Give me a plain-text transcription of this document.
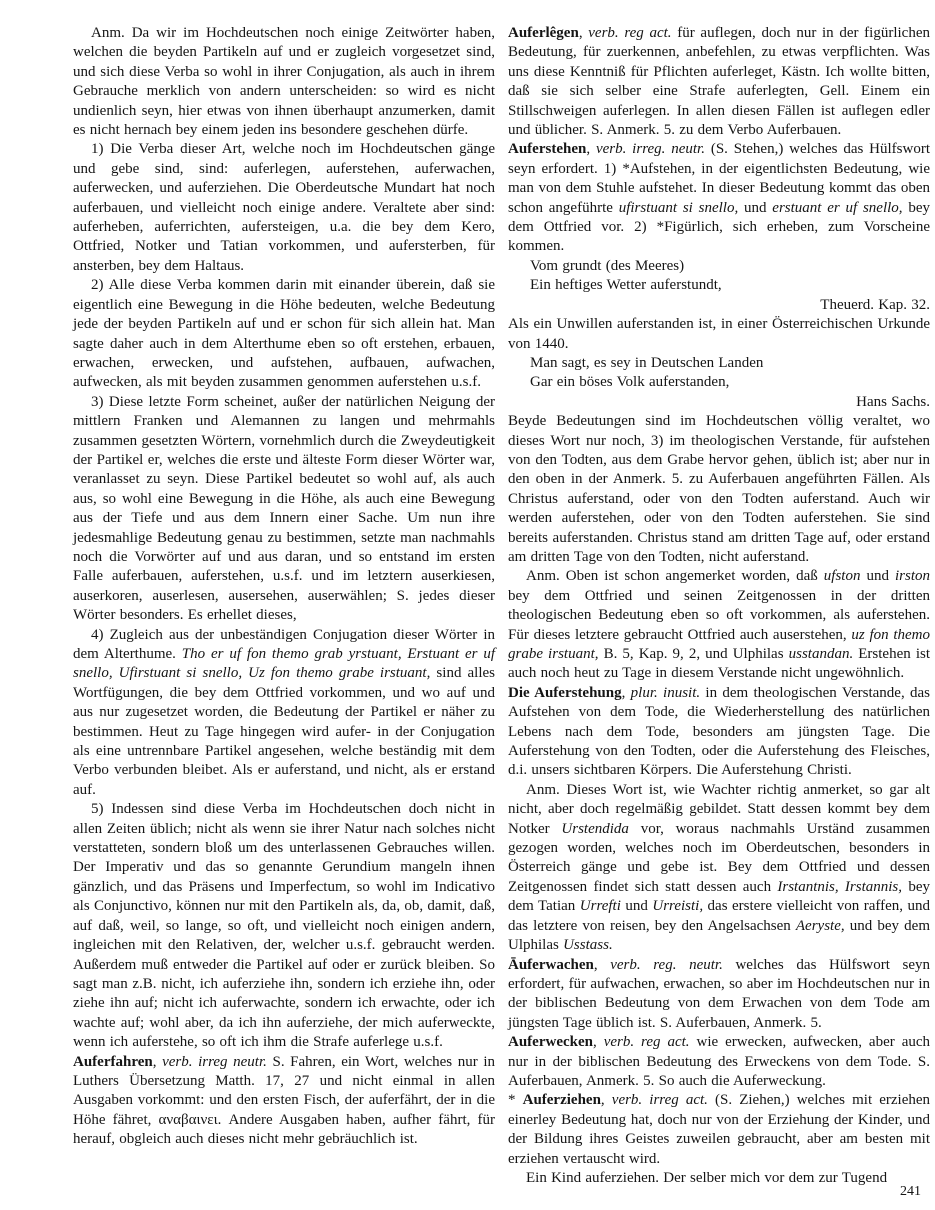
Anm. Da wir im Hochdeutschen noch einige Zeitwörter haben, welchen die beyden Partikeln auf und er zugleich vorgesetzet sind, und sich diese Verba so wohl in ihrer Conjugation, als auch in ihrem Gebrauche merklich von andern unterscheiden: so wird es nicht undienlich seyn, hier etwas von ihnen überhaupt anzumerken, damit es nicht hernach bey einem jeden ins besondere geschehen dürfe.

1) Die Verba dieser Art, welche noch im Hochdeutschen gänge und gebe sind, sind: auferlegen, auferstehen, auferwachen, auferwecken, und auferziehen. Die Oberdeutsche Mundart hat noch auferbauen, und vielleicht noch einige andere. Veraltete aber sind: auferheben, auferrichten, aufersteigen, u.a. die bey dem Kero, Ottfried, Notker und Tatian vorkommen, und aufersterben, für ansterben, bey dem Haltaus.

2) Alle diese Verba kommen darin mit einander überein, daß sie eigentlich eine Bewegung in die Höhe bedeuten, welche Bedeutung jede der beyden Partikeln auf und er schon für sich allein hat. Man sagte daher auch in dem Alterthume eben so oft erstehen, erbauen, erwachen, erwecken, und aufstehen, aufbauen, aufwachen, aufwecken, als mit beyden zusammen genommen auferstehen u.s.f.

3) Diese letzte Form scheinet, außer der natürlichen Neigung der mittlern Franken und Alemannen zu langen und mehrmahls zusammen gesetzten Wörtern, vornehmlich durch die Zweydeutigkeit der Partikel er, welches die erste und älteste Form dieser Wörter war, veranlasset zu seyn. Diese Partikel bedeutet so wohl auf, als auch aus, so wohl eine Bewegung in die Höhe, als auch eine Bewegung aus der Tiefe und aus dem Innern einer Sache. Um nun ihre jedesmahlige Bedeutung genau zu bestimmen, setzte man nachmahls noch die Vorwörter auf und aus daran, und so entstand im ersten Falle auferbauen, auferstehen, u.s.f. und im letztern auserkiesen, auserkoren, auserlesen, ausersehen, auserwählen; S. jedes dieser Wörter besonders. Es erhellet dieses,

4) Zugleich aus der unbeständigen Conjugation dieser Wörter in dem Alterthume. Tho er uf fon themo grab yrstuant, Erstuant er uf snello, Ufirstuant si snello, Uz fon themo grabe irstuant, sind alles Wortfügungen, die bey dem Ottfried vorkommen, und wo auf und aus nur zugesetzet worden, die Bedeutung der Partikel er näher zu bestimmen. Heut zu Tage hingegen wird aufer- in der Conjugation als eine untrennbare Partikel angesehen, welche beständig mit dem Verbo verbunden bleibet. Als er auferstand, und nicht, als er erstand auf.

5) Indessen sind diese Verba im Hochdeutschen doch nicht in allen Zeiten üblich; nicht als wenn sie ihrer Natur nach solches nicht verstatteten, sondern bloß um des unterlassenen Gebrauches willen. Der Imperativ und das so genannte Gerundium mangeln ihnen gänzlich, und das Präsens und Imperfectum, so wohl im Indicativo als Conjunctivo, können nur mit den Partikeln als, da, ob, damit, daß, auf daß, weil, so lange, so oft, und vielleicht noch einigen andern, ingleichen mit den Relativen, der, welcher u.s.f. gebraucht werden. Außerdem muß entweder die Partikel auf oder er zurück bleiben. So sagt man z.B. nicht, ich auferziehe ihn, sondern ich erziehe ihn, oder ziehe ihn auf; nicht ich auferwachte, sondern ich erwachte, oder ich wachte auf; wohl aber, da ich ihn auferziehe, der mich auferweckte, wenn ich auferstehe, so oft ich ihm die Strafe auferlege u.s.f.

Auferfahren, verb. irreg neutr. S. Fahren, ein Wort, welches nur in Luthers Übersetzung Matth. 17, 27 und nicht einmal in allen Ausgaben vorkommt: und den ersten Fisch, der auferfährt, der in die Höhe fähret, αναβαινει. Andere Ausgaben haben, aufher fährt, für herauf, obgleich auch dieses nicht mehr gebräuchlich ist.

Auferlêgen, verb. reg act. für auflegen, doch nur in der figürlichen Bedeutung, für zuerkennen, anbefehlen, zu etwas verpflichten. Was uns diese Kenntniß für Pflichten auferleget, Kästn. Ich wollte bitten, daß sie sich selber eine Strafe auferlegten, Gell. Einem ein Stillschweigen auferlegen. In allen diesen Fällen ist auflegen edler und üblicher. S. Anmerk. 5. zu dem Verbo Auferbauen.

Auferstehen, verb. irreg. neutr. (S. Stehen,) welches das Hülfswort seyn erfordert. 1) *Aufstehen, in der eigentlichsten Bedeutung, wie man von dem Stuhle aufstehet. In dieser Bedeutung kommt das oben schon angeführte ufirstuant si snello, und erstuant er uf snello, bey dem Ottfried vor. 2) *Figürlich, sich erheben, zum Vorscheine kommen.

Vom grundt (des Meeres)

Ein heftiges Wetter auferstundt,

Theuerd. Kap. 32.

Als ein Unwillen auferstanden ist, in einer Österreichischen Urkunde von 1440.

Man sagt, es sey in Deutschen Landen

Gar ein böses Volk auferstanden,

Hans Sachs.

Beyde Bedeutungen sind im Hochdeutschen völlig veraltet, wo dieses Wort nur noch, 3) im theologischen Verstande, für aufstehen von den Todten, aus dem Grabe hervor gehen, üblich ist; aber nur in den oben in der Anmerk. 5. zu Auferbauen angeführten Fällen. Als Christus auferstand, oder von den Todten auferstand. Auch wir werden auferstehen, oder von den Todten auferstehen. Sie sind bereits auferstanden. Christus stand am dritten Tage auf, oder erstand am dritten Tage von den Todten, nicht auferstand.

Anm. Oben ist schon angemerket worden, daß ufston und irston bey dem Ottfried und seinen Zeitgenossen in der dritten theologischen Bedeutung eben so oft vorkommen, als auferstehen. Für dieses letztere gebraucht Ottfried auch auserstehen, uz fon themo grabe irstuant, B. 5, Kap. 9, 2, und Ulphilas usstandan. Erstehen ist auch noch heut zu Tage in diesem Verstande nicht ungewöhnlich.

Die Auferstehung, plur. inusit. in dem theologischen Verstande, das Aufstehen von dem Tode, die Wiederherstellung des natürlichen Lebens nach dem Tode, besonders am jüngsten Tage. Die Auferstehung von den Todten, oder die Auferstehung des Fleisches, d.i. unsers sichtbaren Körpers. Die Auferstehung Christi.

Anm. Dieses Wort ist, wie Wachter richtig anmerket, so gar alt nicht, aber doch regelmäßig gebildet. Statt dessen kommt bey dem Notker Urstendida vor, woraus nachmahls Urständ zusammen gezogen worden, welches noch im Oberdeutschen, besonders in Österreich gänge und gebe ist. Bey dem Ottfried und dessen Zeitgenossen findet sich statt dessen auch Irstantnis, Irstannis, bey dem Tatian Urrefti und Urreisti, das erstere vielleicht von raffen, und das letztere von reisen, bey den Angelsachsen Aeryste, und bey dem Ulphilas Usstass.

Āuferwachen, verb. reg. neutr. welches das Hülfswort seyn erfordert, für aufwachen, erwachen, so aber im Hochdeutschen nur in der biblischen Bedeutung von dem Erwachen von dem Tode am jüngsten Tage üblich ist. S. Auferbauen, Anmerk. 5.

Auferwecken, verb. reg act. wie erwecken, aufwecken, aber auch nur in der biblischen Bedeutung des Erweckens von dem Tode. S. Auferbauen, Anmerk. 5. So auch die Auferweckung.

* Auferziehen, verb. irreg act. (S. Ziehen,) welches mit erziehen einerley Bedeutung hat, doch nur von der Erziehung der Kinder, und der Bildung ihres Geistes zuweilen gebraucht, aber am besten mit erziehen vertauscht wird.

Ein Kind auferziehen. Der selber mich vor dem zur Tugend

241
